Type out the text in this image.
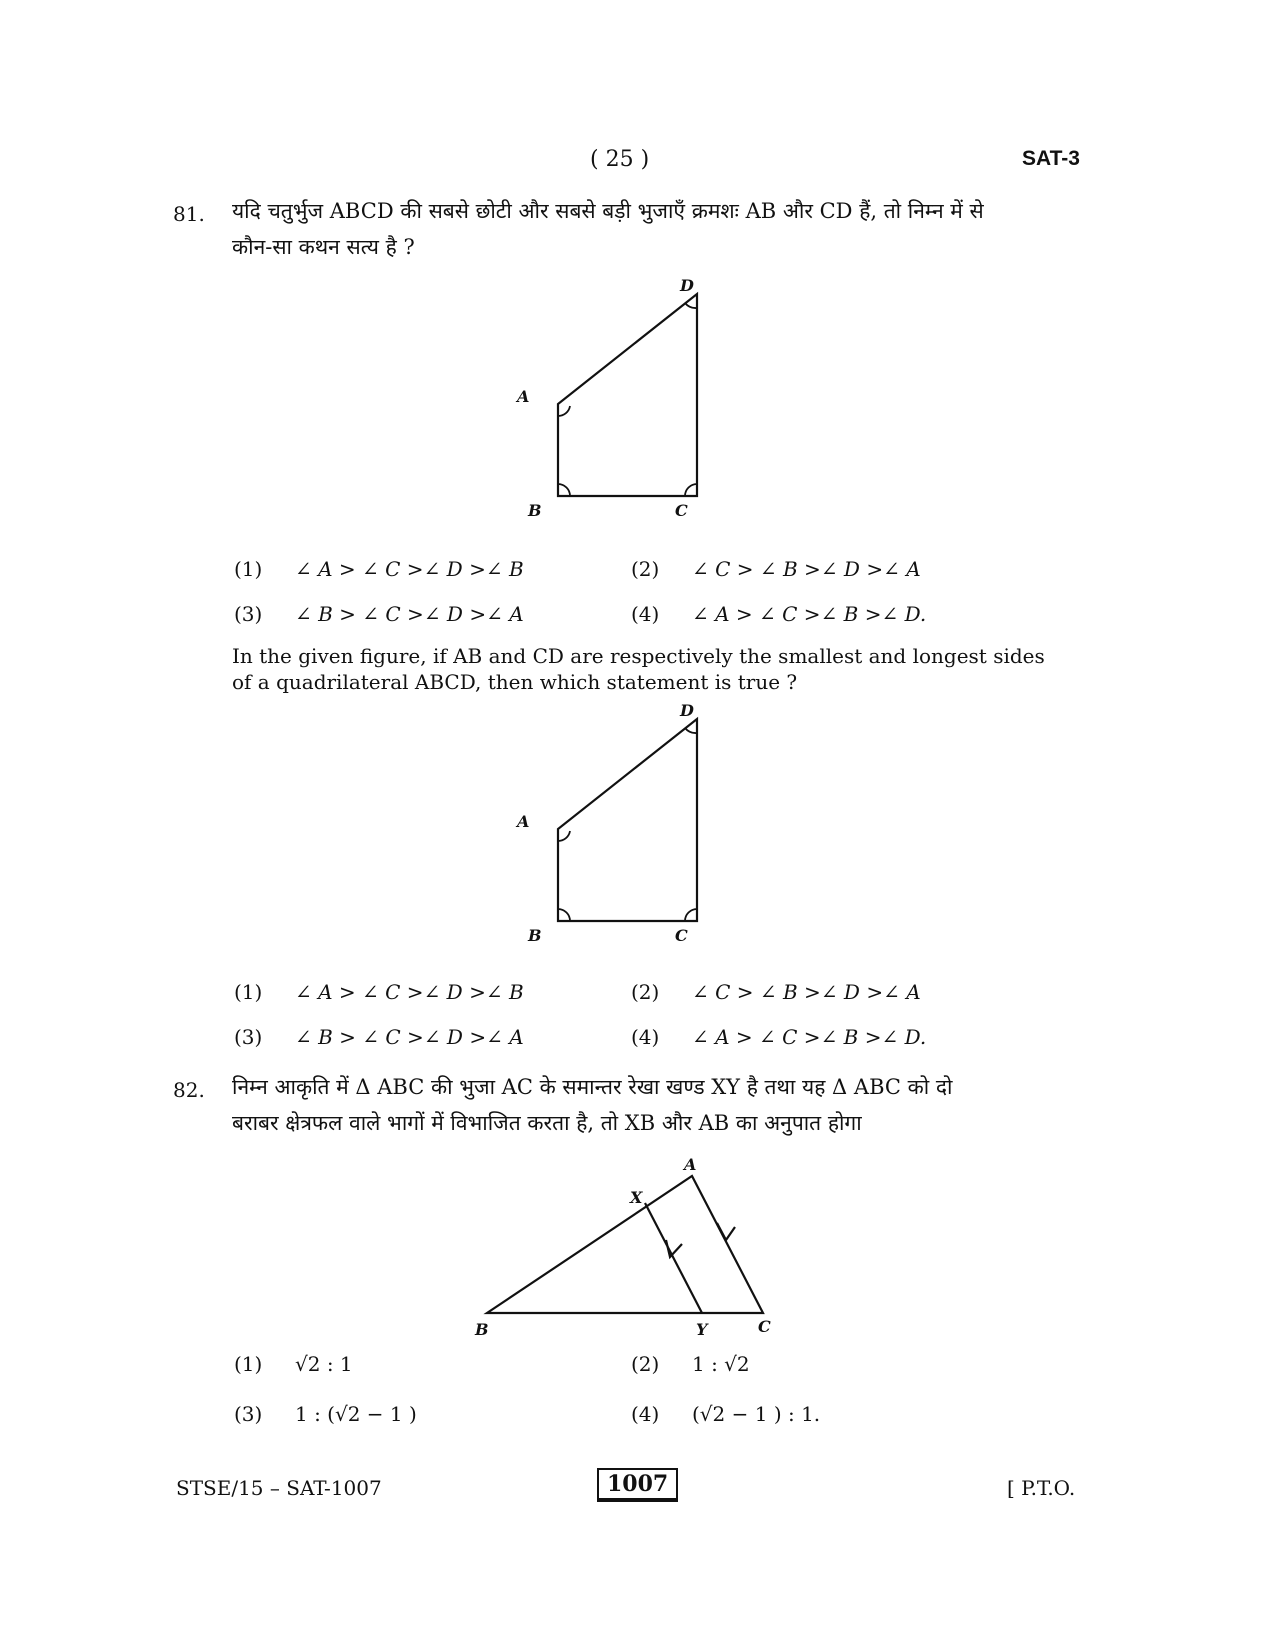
( 25 )	SAT-3
81. यदि चतुर्भुज ABCD की सबसे छोटी और सबसे बड़ी भुजाएँ क्रमशः AB और CD हैं, तो निम्न में से
कौन-सा कथन सत्य है ?
A
B	C
D
(1) ∠ A > ∠ C >∠ D >∠ B	(2) ∠ C > ∠ B >∠ D >∠ A
(3) ∠ B > ∠ C >∠ D >∠ A	(4) ∠ A > ∠ C >∠ B >∠ D.
In the given figure, if AB and CD are respectively the smallest and longest sides
of a quadrilateral ABCD, then which statement is true ?
A
B	C
D
(1) ∠ A > ∠ C >∠ D >∠ B	(2) ∠ C > ∠ B >∠ D >∠ A
(3) ∠ B > ∠ C >∠ D >∠ A	(4) ∠ A > ∠ C >∠ B >∠ D.
82. निम्न आकृति में Δ ABC की भुजा AC के समान्तर रेखा खण्ड XY है तथा यह Δ ABC को दो
बराबर क्षेत्रफल वाले भागों में विभाजित करता है, तो XB और AB का अनुपात होगा
A
B	C
X
Y
(1) √2 : 1	(2) 1 : √2
(3) 1 : (√2 − 1 )	(4) (√2 − 1 ) : 1.
STSE/15 – SAT-1007	1007	[ P.T.O.
